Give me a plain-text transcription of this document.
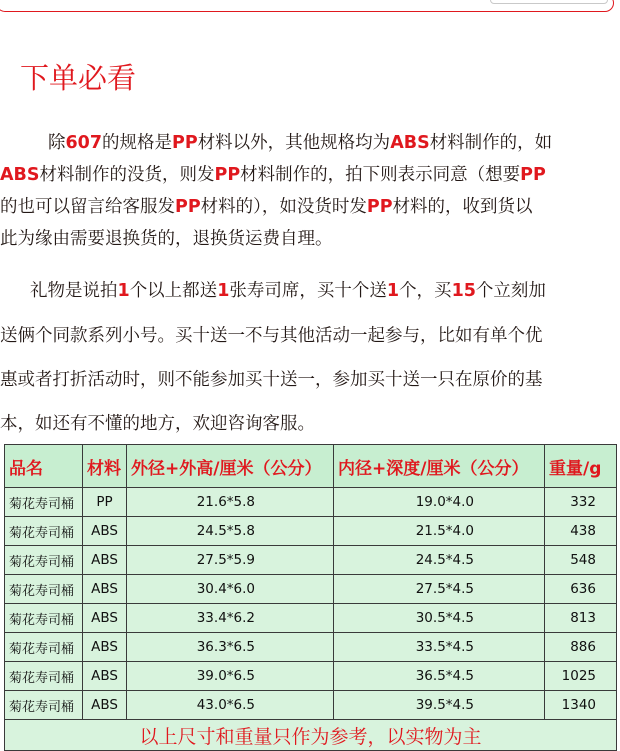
下单必看
除607的规格是PP材料以外，其他规格均为ABS材料制作的，如
ABS材料制作的没货，则发PP材料制作的，拍下则表示同意（想要PP
的也可以留言给客服发PP材料的），如没货时发PP材料的，收到货以
此为缘由需要退换货的，退换货运费自理。
礼物是说拍1个以上都送1张寿司席，买十个送1个，买15个立刻加
送俩个同款系列小号。买十送一不与其他活动一起参与，比如有单个优
惠或者打折活动时，则不能参加买十送一，参加买十送一只在原价的基
本，如还有不懂的地方，欢迎咨询客服。
品名	材料	外径+外高/厘米（公分）	内径+深度/厘米（公分）	重量/g
菊花寿司桶	PP	21.6*5.8	19.0*4.0	332
菊花寿司桶	ABS	24.5*5.8	21.5*4.0	438
菊花寿司桶	ABS	27.5*5.9	24.5*4.5	548
菊花寿司桶	ABS	30.4*6.0	27.5*4.5	636
菊花寿司桶	ABS	33.4*6.2	30.5*4.5	813
菊花寿司桶	ABS	36.3*6.5	33.5*4.5	886
菊花寿司桶	ABS	39.0*6.5	36.5*4.5	1025
菊花寿司桶	ABS	43.0*6.5	39.5*4.5	1340
以上尺寸和重量只作为参考，以实物为主				
